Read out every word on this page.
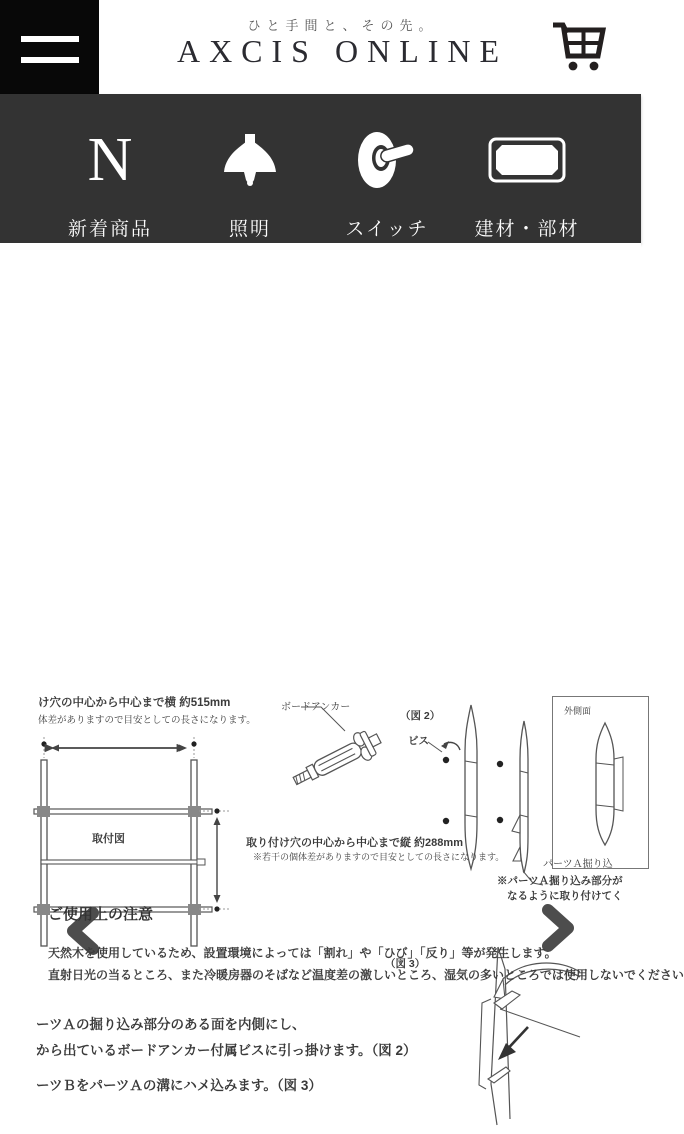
ひと手間と、その先。
AXCIS ONLINE
N
新着商品	照明	スイッチ	建材・部材
け穴の中心から中心まで横 約515mm
体差がありますので目安としての長さになります。
取付図
ボードアンカー
（図 2）
ビス
外側面
パーツＡ掘り込
※パーツＡ掘り込み部分が
なるように取り付けてく
取り付け穴の中心から中心まで縦 約288mm
※若干の個体差がありますので目安としての長さになります。
（図 3）
ーツＡの掘り込み部分のある面を内側にし、
から出ているボードアンカー付属ビスに引っ掛けます。（図 2）
ーツＢをパーツＡの溝にハメ込みます。（図 3）
ご使用上の注意
天然木を使用しているため、設置環境によっては「割れ」や「ひび」「反り」等が発生します。
直射日光の当るところ、また冷暖房器のそばなど温度差の激しいところ、湿気の多いところでは使用しないでください
